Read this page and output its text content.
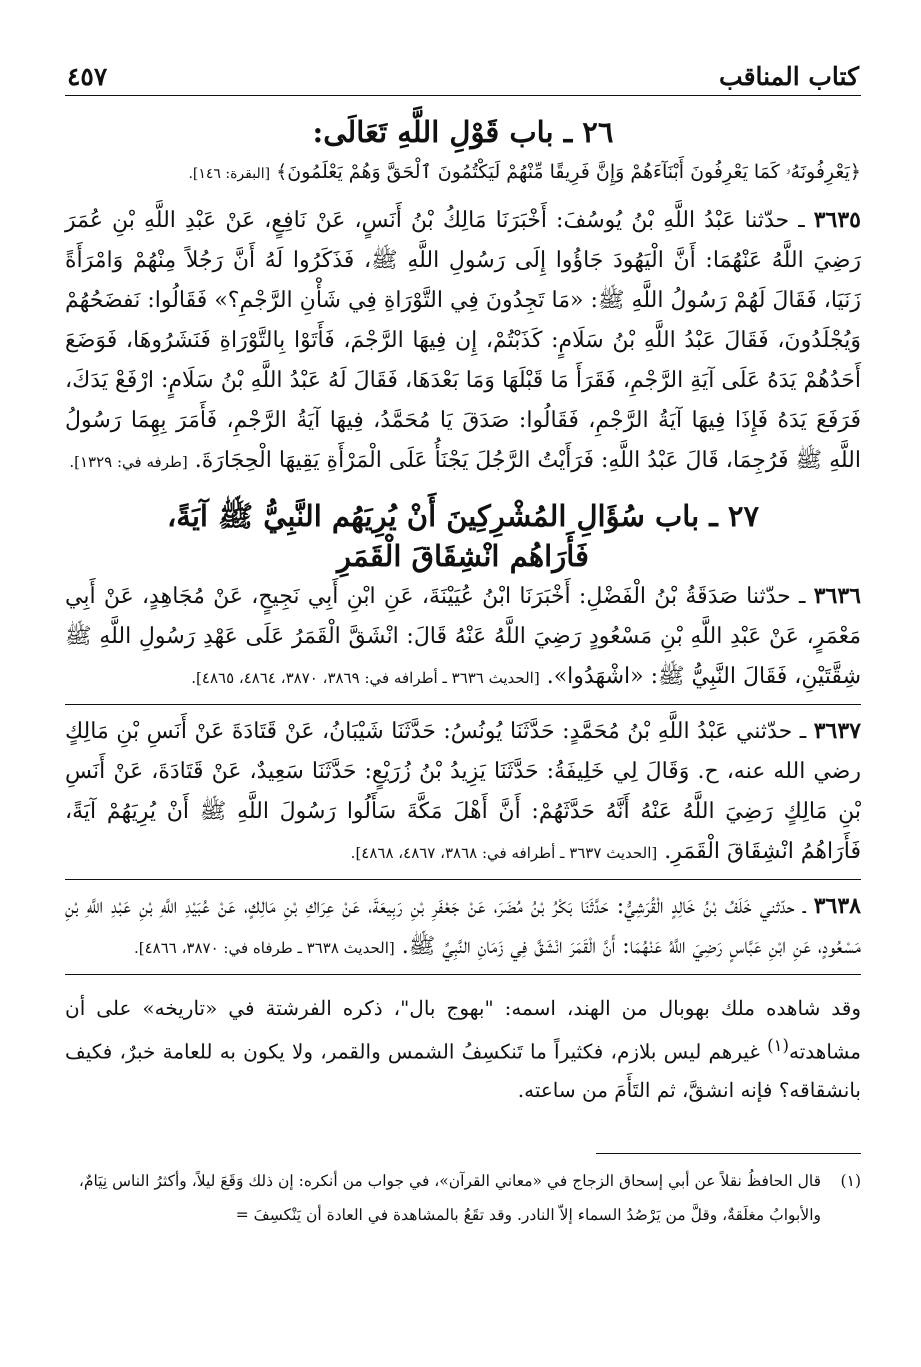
كتاب المناقب
٤٥٧
٢٦ ـ باب قَوْلِ اللَّهِ تَعَالَى:

﴿يَعْرِفُونَهُۥ كَمَا يَعْرِفُونَ أَبْنَآءَهُمْ وَإِنَّ فَرِيقًا مِّنْهُمْ لَيَكْتُمُونَ ٱلْحَقَّ وَهُمْ يَعْلَمُونَ﴾ [البقرة: ١٤٦].

٣٦٣٥ ـ حدّثنا عَبْدُ اللَّهِ بْنُ يُوسُفَ: أَخْبَرَنَا مَالِكُ بْنُ أَنَسٍ، عَنْ نَافِعٍ، عَنْ عَبْدِ اللَّهِ بْنِ عُمَرَ رَضِيَ اللَّهُ عَنْهُمَا: أَنَّ الْيَهُودَ جَاؤُوا إِلَى رَسُولِ اللَّهِ ﷺ، فَذَكَرُوا لَهُ أَنَّ رَجُلاً مِنْهُمْ وَامْرَأَةً زَنَيَا، فَقَالَ لَهُمْ رَسُولُ اللَّهِ ﷺ: «مَا تَجِدُونَ فِي التَّوْرَاةِ فِي شَأْنِ الرَّجْمِ؟» فَقَالُوا: نَفضَحُهُمْ وَيُجْلَدُونَ، فَقَالَ عَبْدُ اللَّهِ بْنُ سَلَامٍ: كَذَبْتُمْ، إِن فِيهَا الرَّجْمَ، فَأَتَوْا بِالتَّوْرَاةِ فَنَشَرُوهَا، فَوَضَعَ أَحَدُهُمْ يَدَهُ عَلَى آيَةِ الرَّجْمِ، فَقَرَأَ مَا قَبْلَهَا وَمَا بَعْدَهَا، فَقَالَ لَهُ عَبْدُ اللَّهِ بْنُ سَلَامٍ: ارْفَعْ يَدَكَ، فَرَفَعَ يَدَهُ فَإِذَا فِيهَا آيَةُ الرَّجْمِ، فَقَالُوا: صَدَقَ يَا مُحَمَّدُ، فِيهَا آيَةُ الرَّجْمِ، فَأَمَرَ بِهِمَا رَسُولُ اللَّهِ ﷺ فَرُجِمَا، قَالَ عَبْدُ اللَّهِ: فَرَأَيْتُ الرَّجُلَ يَجْنَأُ عَلَى الْمَرْأَةِ يَقِيهَا الْحِجَارَةَ. [طرفه في: ١٣٢٩].

٢٧ ـ باب سُؤَالِ المُشْرِكِينَ أَنْ يُرِيَهُم النَّبِيُّ ﷺ آيَةً،
فَأَرَاهُم انْشِقَاقَ الْقَمَرِ

٣٦٣٦ ـ حدّثنا صَدَقَةُ بْنُ الْفَضْلِ: أَخْبَرَنَا ابْنُ عُيَيْنَةَ، عَنِ ابْنِ أَبِي نَجِيحٍ، عَنْ مُجَاهِدٍ، عَنْ أَبِي مَعْمَرٍ، عَنْ عَبْدِ اللَّهِ بْنِ مَسْعُودٍ رَضِيَ اللَّهُ عَنْهُ قَالَ: انْشَقَّ الْقَمَرُ عَلَى عَهْدِ رَسُولِ اللَّهِ ﷺ شِقَّتَيْنِ، فَقَالَ النَّبِيُّ ﷺ: «اشْهَدُوا». [الحديث ٣٦٣٦ ـ أطرافه في: ٣٨٦٩، ٣٨٧٠، ٤٨٦٤، ٤٨٦٥].

٣٦٣٧ ـ حدّثني عَبْدُ اللَّهِ بْنُ مُحَمَّدٍ: حَدَّثَنَا يُونُسُ: حَدَّثَنَا شَيْبَانُ، عَنْ قَتَادَةَ عَنْ أَنَسِ بْنِ مَالِكٍ رضي الله عنه، ح. وَقَالَ لِي خَلِيفَةُ: حَدَّثَنَا يَزِيدُ بْنُ زُرَيْعٍ: حَدَّثَنَا سَعِيدٌ، عَنْ قَتَادَةَ، عَنْ أَنَسِ بْنِ مَالِكٍ رَضِيَ اللَّهُ عَنْهُ أَنَّهُ حَدَّثَهُمْ: أَنَّ أَهْلَ مَكَّةَ سَأَلُوا رَسُولَ اللَّهِ ﷺ أَنْ يُرِيَهُمْ آيَةً، فَأَرَاهُمُ انْشِقَاقَ الْقَمَرِ. [الحديث ٣٦٣٧ ـ أطرافه في: ٣٨٦٨، ٤٨٦٧، ٤٨٦٨].

٣٦٣٨ ـ حدّثني خَلَفُ بْنُ خَالِدٍ الْقُرَشِيُّ: حَدَّثَنَا بَكْرُ بْنُ مُضَرَ، عَنْ جَعْفَرِ بْنِ رَبِيعَةَ، عَنْ عِرَاكِ بْنِ مَالِكٍ، عَنْ عُبَيْدِ اللَّهِ بْنِ عَبْدِ اللَّهِ بْنِ مَسْعُودٍ، عَنِ ابْنِ عَبَّاسٍ رَضِيَ اللَّهُ عَنْهُمَا: أَنَّ الْقَمَرَ انْشَقَّ فِي زَمَانِ النَّبِيِّ ﷺ. [الحديث ٣٦٣٨ ـ طرفاه في: ٣٨٧٠، ٤٨٦٦].

وقد شاهده ملك بهوبال من الهند، اسمه: "بهوج بال"، ذكره الفرشتة في «تاريخه» على أن مشاهدته$^{(١)}$ غيرهم ليس بلازم، فكثيراً ما تَنكسِفُ الشمس والقمر، ولا يكون به للعامة خبرٌ، فكيف بانشقاقه؟ فإنه انشقَّ، ثم التَأَمَ من ساعته.

(١)
قال الحافظُ نقلاً عن أبي إسحاق الزجاج في «معاني القرآن»، في جواب من أنكره: إن ذلك وَقَعَ ليلاً، وأكثرُ الناس نِيَامٌ، والأبوابُ مغلَقةٌ، وقلَّ من يَرْصُدُ السماء إلاّ النادر. وقد تقَعُ بالمشاهدة في العادة أن يَنْكسِفَ =
